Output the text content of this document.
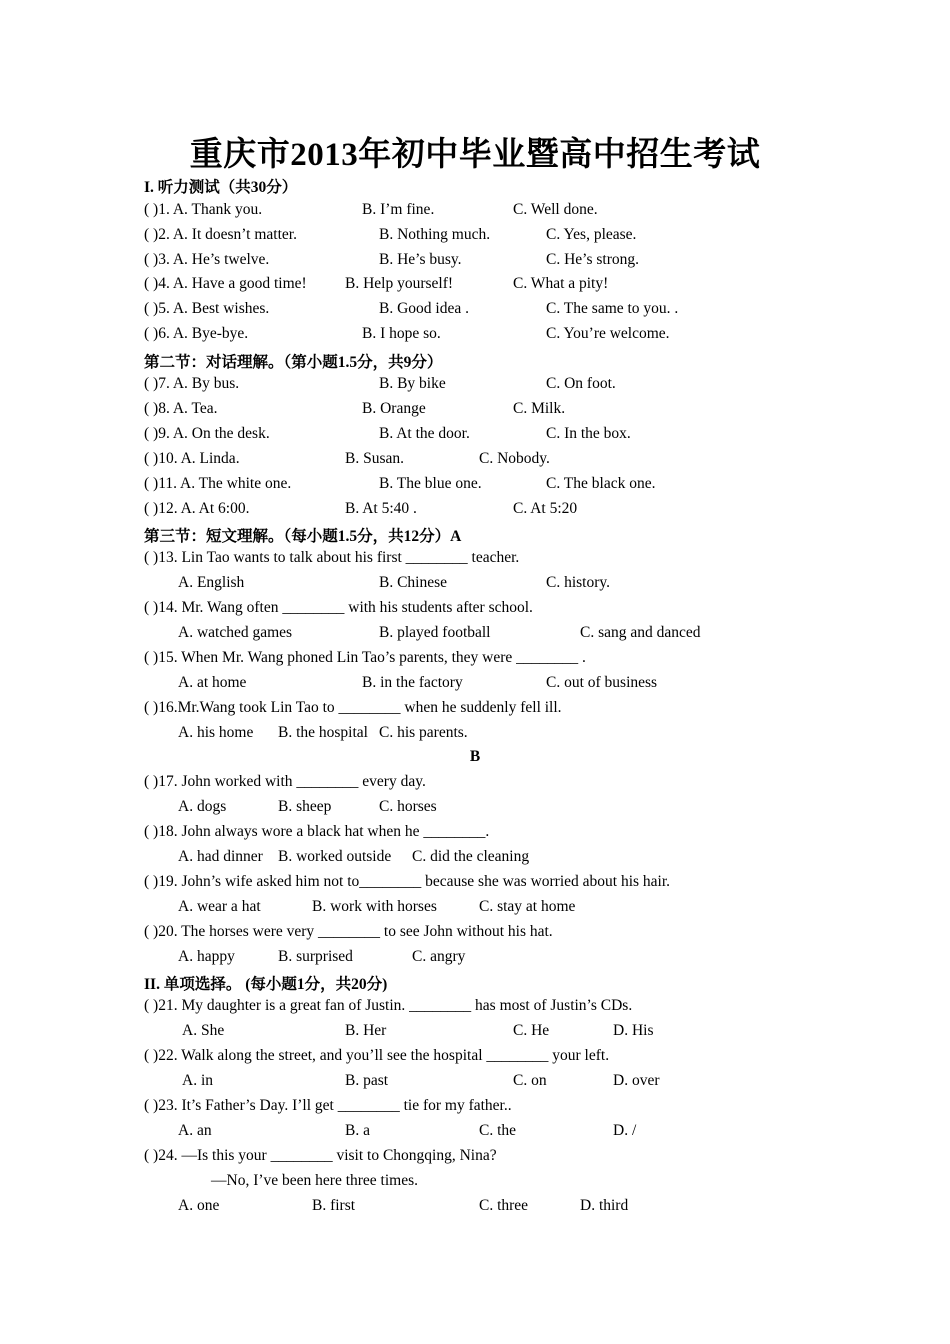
重庆市2013年初中毕业暨高中招生考试
I. 听力测试（共30分）
第二节：对话理解。（第小题1.5分，共9分）
第三节：短文理解。（每小题1.5分，共12分）A
B
II. 单项选择。 (每小题1分，共20分)
( )1. A. Thank you.	B. I’m fine.	C. Well done.
( )2. A. It doesn’t matter.	B. Nothing much.	C. Yes, please.
( )3. A. He’s twelve.	B. He’s busy.	C. He’s strong.
( )4. A. Have a good time! B. Help yourself!	C. What a pity!
( )5. A. Best wishes.	B. Good idea .	C. The same to you. .
( )6. A. Bye-bye.	B. I hope so.	C. You’re welcome.
( )7. A. By bus.	B. By bike	C. On foot.
( )8. A. Tea.	B. Orange	C. Milk.
( )9. A. On the desk.	B. At the door.	C. In the box.
( )10. A. Linda.	B. Susan.	C. Nobody.
( )11. A. The white one.	B. The blue one.	C. The black one.
( )12. A. At 6:00.	B. At 5:40 .	C. At 5:20
( )13. Lin Tao wants to talk about his first ________ teacher.
A. English	B. Chinese	C. history.
( )14. Mr. Wang often ________ with his students after school.
A. watched games	B. played football	C. sang and danced
( )15. When Mr. Wang phoned Lin Tao’s parents, they were ________ .
A. at home	B. in the factory	C. out of business
( )16.Mr.Wang took Lin Tao to ________ when he suddenly fell ill.
A. his home B. the hospital C. his parents.
( )17. John worked with ________ every day.
A. dogs	B. sheep	C. horses
( )18. John always wore a black hat when he ________.
A. had dinner B. worked outside C. did the cleaning
( )19. John’s wife asked him not to________ because she was worried about his hair.
A. wear a hat	B. work with horses	C. stay at home
( )20. The horses were very ________ to see John without his hat.
A. happy	B. surprised	C. angry
( )21. My daughter is a great fan of Justin. ________ has most of Justin’s CDs.
A. She	B. Her	C. He	D. His
( )22. Walk along the street, and you’ll see the hospital ________ your left.
A. in	B. past	C. on	D. over
( )23. It’s Father’s Day. I’ll get ________ tie for my father..
A. an	B. a	C. the	D. /
( )24. —Is this your ________ visit to Chongqing, Nina?
—No, I’ve been here three times.
A. one	B. first	C. three	D. third
